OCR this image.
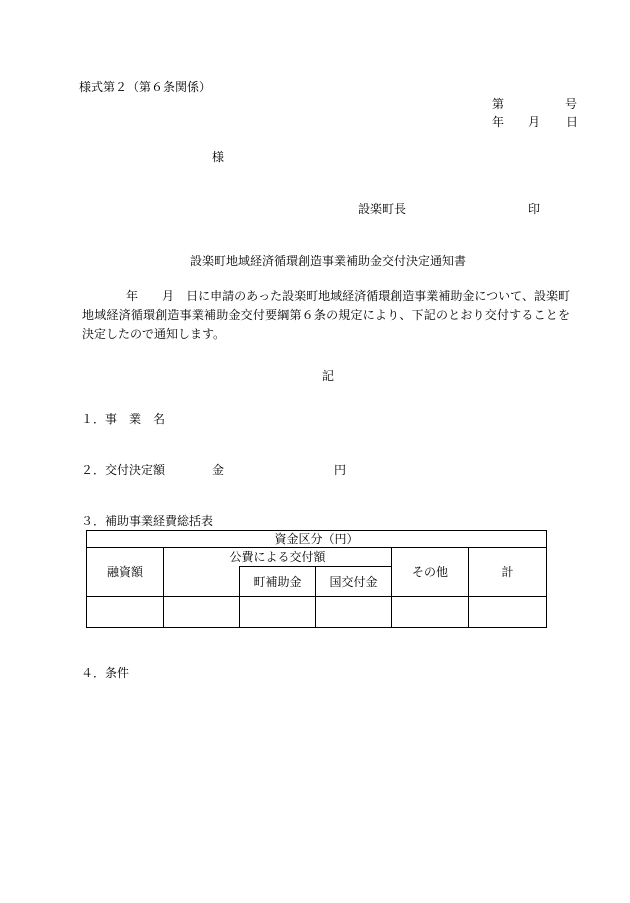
様式第２（第６条関係）
第	号
年 月 日
様
設楽町長	印
設楽町地域経済循環創造事業補助金交付決定通知書
年 月 日に申請のあった設楽町地域経済循環創造事業補助金について、設楽町地域経済循環創造事業補助金交付要綱第６条の規定により、下記のとおり交付することを決定したので通知します。
記
１．事　業　名
２．交付決定額	金	円
３．補助事業経費総括表
資金区分（円）					
融資額	公費による交付額			その他	計
		町補助金	国交付金		

４．条件
